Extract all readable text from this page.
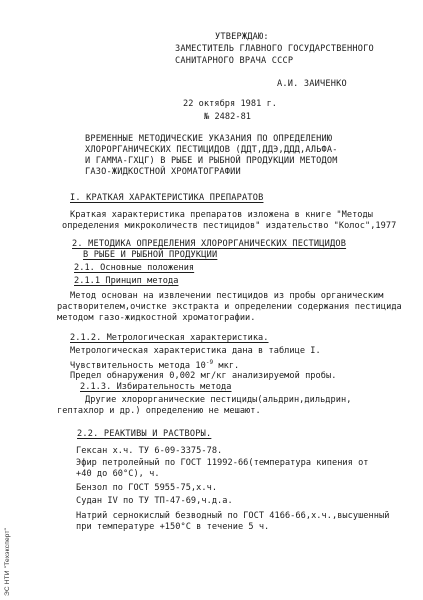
УТВЕРЖДАЮ:
ЗАМЕСТИТЕЛЬ ГЛАВНОГО ГОСУДАРСТВЕННОГО
САНИТАРНОГО ВРАЧА СССР
А.И. ЗАИЧЕНКО
22 октября 1981 г.
№ 2482-81
ВРЕМЕННЫЕ МЕТОДИЧЕСКИЕ УКАЗАНИЯ ПО ОПРЕДЕЛЕНИЮ
ХЛОРОРГАНИЧЕСКИХ ПЕСТИЦИДОВ (ДДТ,ДДЭ,ДДД,АЛЬФА-
И ГАММА-ГХЦГ) В РЫБЕ И РЫБНОЙ ПРОДУКЦИИ МЕТОДОМ
ГАЗО-ЖИДКОСТНОЙ ХРОМАТОГРАФИИ
I. КРАТКАЯ ХАРАКТЕРИСТИКА ПРЕПАРАТОВ
Краткая характеристика препаратов изложена в книге "Методы
определения микроколичеств пестицидов" издательство "Колос",1977
2. МЕТОДИКА ОПРЕДЕЛЕНИЯ ХЛОРОРГАНИЧЕСКИХ ПЕСТИЦИДОВ
В РЫБЕ И РЫБНОЙ ПРОДУКЦИИ
2.1. Основные положения
2.1.1 Принцип метода
Метод основан на извлечении пестицидов из пробы органическим
растворителем,очистке экстракта и определении содержания пестицида
методом газо-жидкостной хроматографии.
2.1.2. Метрологическая характеристика.
Метрологическая характеристика дана в таблице I.
Чувствительность метода $10^{-9}$ мкг.
Предел обнаружения 0,002 мг/кг анализируемой пробы.
2.1.3. Избирательность метода
Другие хлорорганические пестициды(альдрин,дильдрин,
гептахлор и др.) определению не мешают.
2.2. РЕАКТИВЫ И РАСТВОРЫ.
Гексан х.ч. ТУ 6-09-3375-78.
Эфир петролейный по ГОСТ 11992-66(температура кипения от
+40 до 60°С), ч.
Бензол по ГОСТ 5955-75,х.ч.
Судан IV по ТУ ТП-47-69,ч.д.а.
Натрий сернокислый безводный по ГОСТ 4166-66,х.ч.,высушенный
при температуре +150°С в течение 5 ч.
ЭС НТИ "Техэксперт"
